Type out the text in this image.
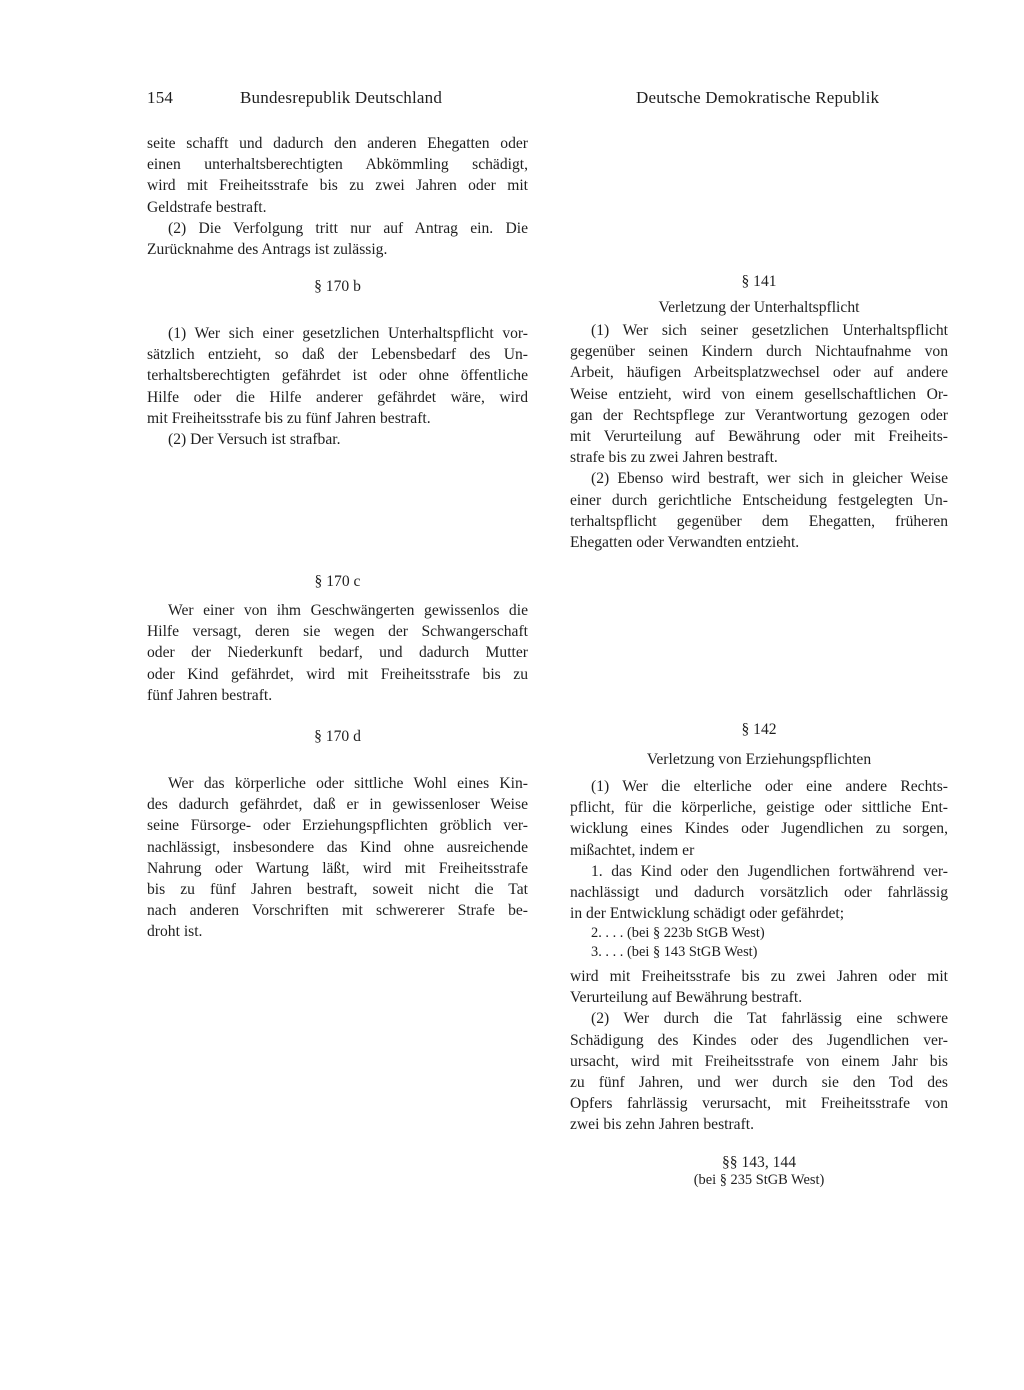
154	Bundesrepublik Deutschland	Deutsche Demokratische Republik

seite schafft und dadurch den anderen Ehegatten oder

einen unterhaltsberechtigten Abkömmling schädigt,

wird mit Freiheitsstrafe bis zu zwei Jahren oder mit

Geldstrafe bestraft.

(2) Die Verfolgung tritt nur auf Antrag ein. Die

Zurücknahme des Antrags ist zulässig.

§ 170 b

(1) Wer sich einer gesetzlichen Unterhaltspflicht vor-

sätzlich entzieht, so daß der Lebensbedarf des Un-

terhaltsberechtigten gefährdet ist oder ohne öffentliche

Hilfe oder die Hilfe anderer gefährdet wäre, wird

mit Freiheitsstrafe bis zu fünf Jahren bestraft.

(2) Der Versuch ist strafbar.

§ 170 c

Wer einer von ihm Geschwängerten gewissenlos die

Hilfe versagt, deren sie wegen der Schwangerschaft

oder der Niederkunft bedarf, und dadurch Mutter

oder Kind gefährdet, wird mit Freiheitsstrafe bis zu

fünf Jahren bestraft.

§ 170 d

Wer das körperliche oder sittliche Wohl eines Kin-

des dadurch gefährdet, daß er in gewissenloser Weise

seine Fürsorge- oder Erziehungspflichten gröblich ver-

nachlässigt, insbesondere das Kind ohne ausreichende

Nahrung oder Wartung läßt, wird mit Freiheitsstrafe

bis zu fünf Jahren bestraft, soweit nicht die Tat

nach anderen Vorschriften mit schwererer Strafe be-

droht ist.

§ 141

Verletzung der Unterhaltspflicht

(1) Wer sich seiner gesetzlichen Unterhaltspflicht

gegenüber seinen Kindern durch Nichtaufnahme von

Arbeit, häufigen Arbeitsplatzwechsel oder auf andere

Weise entzieht, wird von einem gesellschaftlichen Or-

gan der Rechtspflege zur Verantwortung gezogen oder

mit Verurteilung auf Bewährung oder mit Freiheits-

strafe bis zu zwei Jahren bestraft.

(2) Ebenso wird bestraft, wer sich in gleicher Weise

einer durch gerichtliche Entscheidung festgelegten Un-

terhaltspflicht gegenüber dem Ehegatten, früheren

Ehegatten oder Verwandten entzieht.

§ 142

Verletzung von Erziehungspflichten

(1) Wer die elterliche oder eine andere Rechts-

pflicht, für die körperliche, geistige oder sittliche Ent-

wicklung eines Kindes oder Jugendlichen zu sorgen,

mißachtet, indem er

1. das Kind oder den Jugendlichen fortwährend ver-

nachlässigt und dadurch vorsätzlich oder fahrlässig

in der Entwicklung schädigt oder gefährdet;

2. . . . (bei § 223b StGB West)

3. . . . (bei § 143 StGB West)

wird mit Freiheitsstrafe bis zu zwei Jahren oder mit

Verurteilung auf Bewährung bestraft.

(2) Wer durch die Tat fahrlässig eine schwere

Schädigung des Kindes oder des Jugendlichen ver-

ursacht, wird mit Freiheitsstrafe von einem Jahr bis

zu fünf Jahren, und wer durch sie den Tod des

Opfers fahrlässig verursacht, mit Freiheitsstrafe von

zwei bis zehn Jahren bestraft.

§§ 143, 144

(bei § 235 StGB West)
